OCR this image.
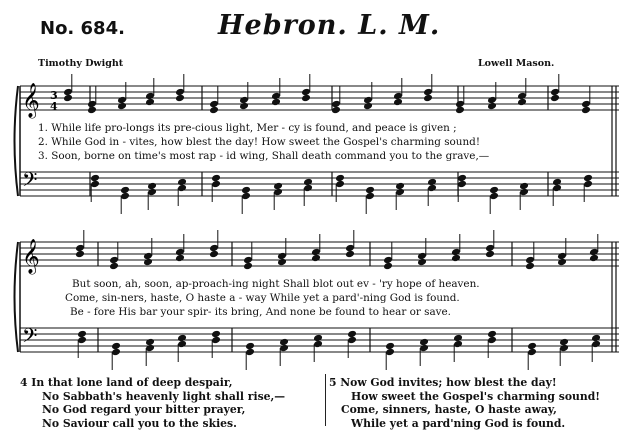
No. 684.	Hebron. L. M.
Timothy Dwight	Lowell Mason.
𝄞
𝄢
3
4
𝄞
𝄢
1. While life pro-longs its pre-cious light, Mer - cy is found, and peace is given ;
2. While God in - vites, how blest the day! How sweet the Gospel's charming sound!
3. Soon, borne on time's most rap - id wing, Shall death command you to the grave,—
But soon, ah, soon, ap-proach-ing night Shall blot out ev - 'ry hope of heaven.
Come, sin-ners, haste, O haste a - way While yet a pard'-ning God is found.
Be - fore His bar your spir- its bring, And none be found to hear or save.
4 In that lone land of deep despair,
No Sabbath's heavenly light shall rise,—
No God regard your bitter prayer,
No Saviour call you to the skies.
5 Now God invites; how blest the day!
How sweet the Gospel's charming sound!
Come, sinners, haste, O haste away,
While yet a pard'ning God is found.
